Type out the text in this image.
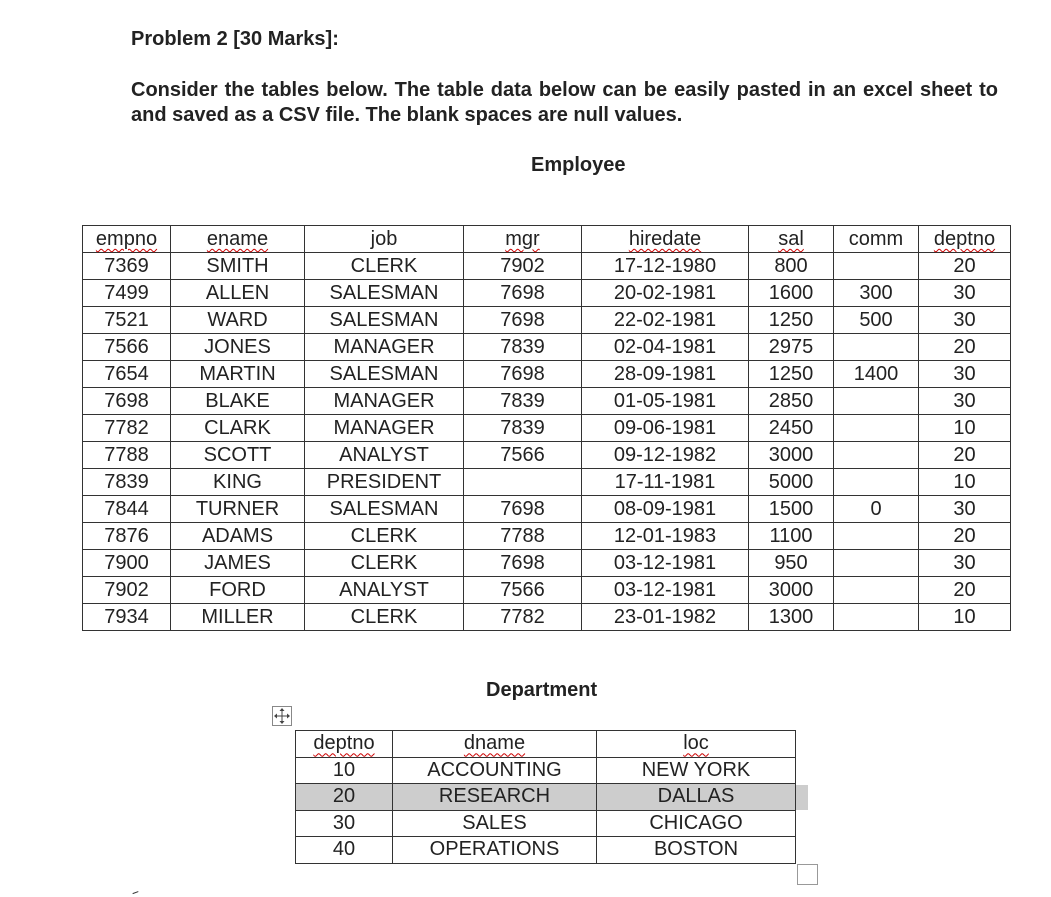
Problem 2 [30 Marks]:
Consider the tables below. The table data below can be easily pasted in an excel sheet to and saved as a CSV file. The blank spaces are null values.
Employee
empno	ename	job	mgr	hiredate	sal	comm	deptno
7369	SMITH	CLERK	7902	17-12-1980	800		20
7499	ALLEN	SALESMAN	7698	20-02-1981	1600	300	30
7521	WARD	SALESMAN	7698	22-02-1981	1250	500	30
7566	JONES	MANAGER	7839	02-04-1981	2975		20
7654	MARTIN	SALESMAN	7698	28-09-1981	1250	1400	30
7698	BLAKE	MANAGER	7839	01-05-1981	2850		30
7782	CLARK	MANAGER	7839	09-06-1981	2450		10
7788	SCOTT	ANALYST	7566	09-12-1982	3000		20
7839	KING	PRESIDENT		17-11-1981	5000		10
7844	TURNER	SALESMAN	7698	08-09-1981	1500	0	30
7876	ADAMS	CLERK	7788	12-01-1983	1100		20
7900	JAMES	CLERK	7698	03-12-1981	950		30
7902	FORD	ANALYST	7566	03-12-1981	3000		20
7934	MILLER	CLERK	7782	23-01-1982	1300		10
Department
deptno	dname	loc
10	ACCOUNTING	NEW YORK
20	RESEARCH	DALLAS
30	SALES	CHICAGO
40	OPERATIONS	BOSTON
